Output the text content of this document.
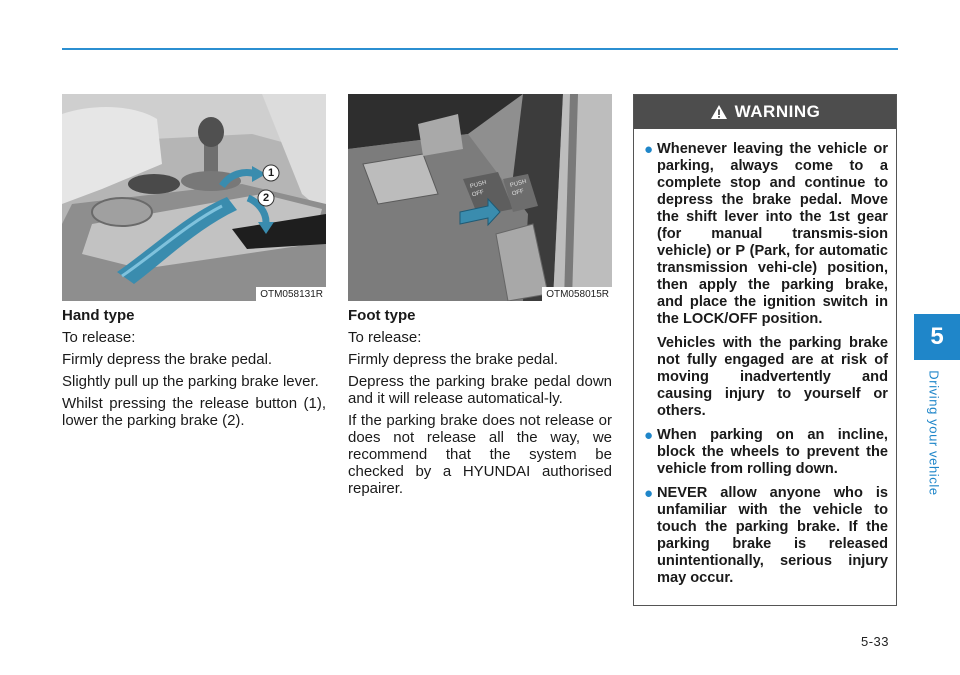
1
2
OTM058131R
PUSH
OFF
PUSH
OFF
OTM058015R
Hand type

To release:

Firmly depress the brake pedal.

Slightly pull up the parking brake lever.

Whilst pressing the release button (1), lower the parking brake (2).

Foot type

To release:

Firmly depress the brake pedal.

Depress the parking brake pedal down and it will release automatical-ly.

If the parking brake does not release or does not release all the way, we recommend that the system be checked by a HYUNDAI authorised repairer.

WARNING
● Whenever leaving the vehicle or parking, always come to a complete stop and continue to depress the brake pedal. Move the shift lever into the 1st gear (for manual transmis-sion vehicle) or P (Park, for automatic transmission vehi-cle) position, then apply the parking brake, and place the ignition switch in the LOCK/OFF position.

Vehicles with the parking brake not fully engaged are at risk of moving inadvertently and causing injury to yourself or others.

● When parking on an incline, block the wheels to prevent the vehicle from rolling down.

● NEVER allow anyone who is unfamiliar with the vehicle to touch the parking brake. If the parking brake is released unintentionally, serious injury may occur.

5
Driving your vehicle
5-33
